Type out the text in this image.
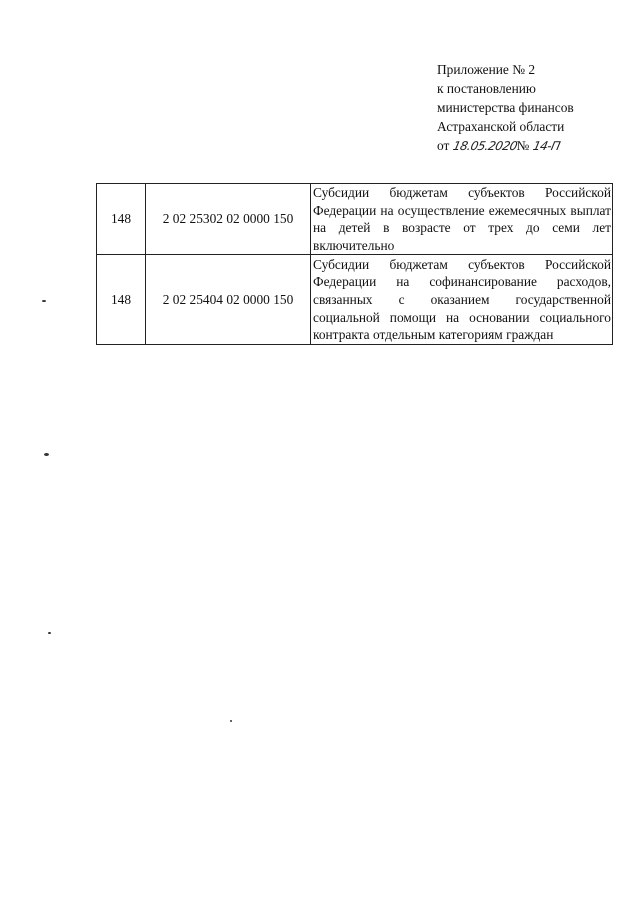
Приложение № 2
к постановлению
министерства финансов
Астраханской области
от 18.05.2020№ 14-П
148	2 02 25302 02 0000 150	Субсидии бюджетам субъектов Российской Федерации на осуществление ежемесячных выплат на детей в возрасте от трех до семи лет включительно
148	2 02 25404 02 0000 150	Субсидии бюджетам субъектов Российской Федерации на софинансирование расходов, связанных с оказанием государственной социальной помощи на основании социального контракта отдельным категориям граждан
